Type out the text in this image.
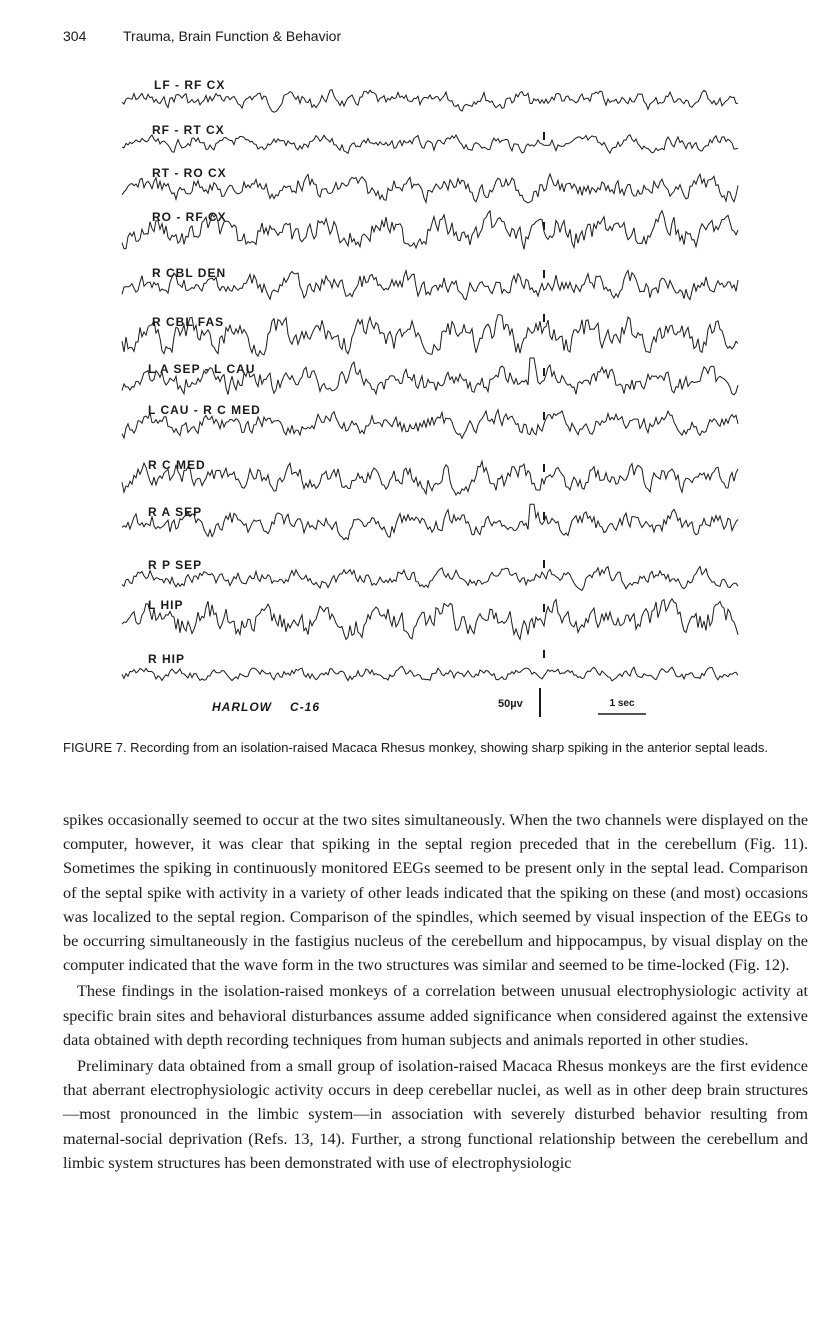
304	Trauma, Brain Function & Behavior
LF - RF CX
RF - RT CX
RT - RO CX
RO - RF CX
R CBL DEN
R CBL FAS
L A SEP - L CAU
L CAU - R C MED
R C MED
R A SEP
R P SEP
L HIP
R HIP
HARLOW C-16	50µv	1 sec
FIGURE 7. Recording from an isolation-raised Macaca Rhesus monkey, showing sharp spiking in the anterior septal leads.

spikes occasionally seemed to occur at the two sites simultaneously. When the two channels were displayed on the computer, however, it was clear that spiking in the septal region preceded that in the cerebellum (Fig. 11). Sometimes the spiking in continuously monitored EEGs seemed to be present only in the septal lead. Comparison of the septal spike with activity in a variety of other leads indicated that the spiking on these (and most) occasions was localized to the septal region. Comparison of the spindles, which seemed by visual inspection of the EEGs to be occurring simultaneously in the fastigius nucleus of the cerebellum and hippocampus, by visual display on the computer indicated that the wave form in the two structures was similar and seemed to be time-locked (Fig. 12).

These findings in the isolation-raised monkeys of a correlation between unusual electrophysiologic activity at specific brain sites and behavioral disturbances assume added significance when considered against the extensive data obtained with depth recording techniques from human subjects and animals reported in other studies.

Preliminary data obtained from a small group of isolation-raised Macaca Rhesus monkeys are the first evidence that aberrant electrophysiologic activity occurs in deep cerebellar nuclei, as well as in other deep brain structures—most pronounced in the limbic system—in association with severely disturbed behavior resulting from maternal-social deprivation (Refs. 13, 14). Further, a strong functional relationship between the cerebellum and limbic system structures has been demonstrated with use of electrophysiologic
